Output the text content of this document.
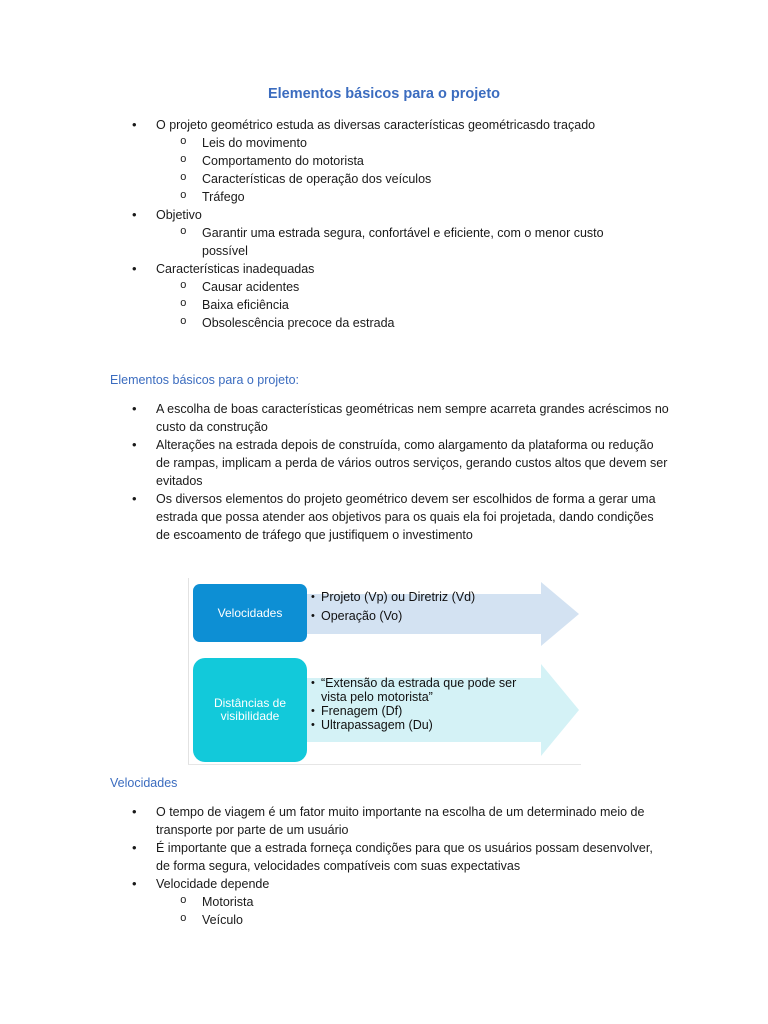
Elementos básicos para o projeto
• O projeto geométrico estuda as diversas características geométricasdo traçado
o Leis do movimento
o Comportamento do motorista
o Características de operação dos veículos
o Tráfego
• Objetivo
o Garantir uma estrada segura, confortável e eficiente, com o menor custo possível
• Características inadequadas
o Causar acidentes
o Baixa eficiência
o Obsolescência precoce da estrada
Elementos básicos para o projeto:
• A escolha de boas características geométricas nem sempre acarreta grandes acréscimos no custo da construção
• Alterações na estrada depois de construída, como alargamento da plataforma ou redução de rampas, implicam a perda de vários outros serviços, gerando custos altos que devem ser evitados
• Os diversos elementos do projeto geométrico devem ser escolhidos de forma a gerar uma estrada que possa atender aos objetivos para os quais ela foi projetada, dando condições de escoamento de tráfego que justifiquem o investimento
Velocidades
Distâncias de
visibilidade
• Projeto (Vp) ou Diretriz (Vd)
• Operação (Vo)
• “Extensão da estrada que pode ser vista pelo motorista”
• Frenagem (Df)
• Ultrapassagem (Du)
Velocidades
• O tempo de viagem é um fator muito importante na escolha de um determinado meio de transporte por parte de um usuário
• É importante que a estrada forneça condições para que os usuários possam desenvolver, de forma segura, velocidades compatíveis com suas expectativas
• Velocidade depende
o Motorista
o Veículo
